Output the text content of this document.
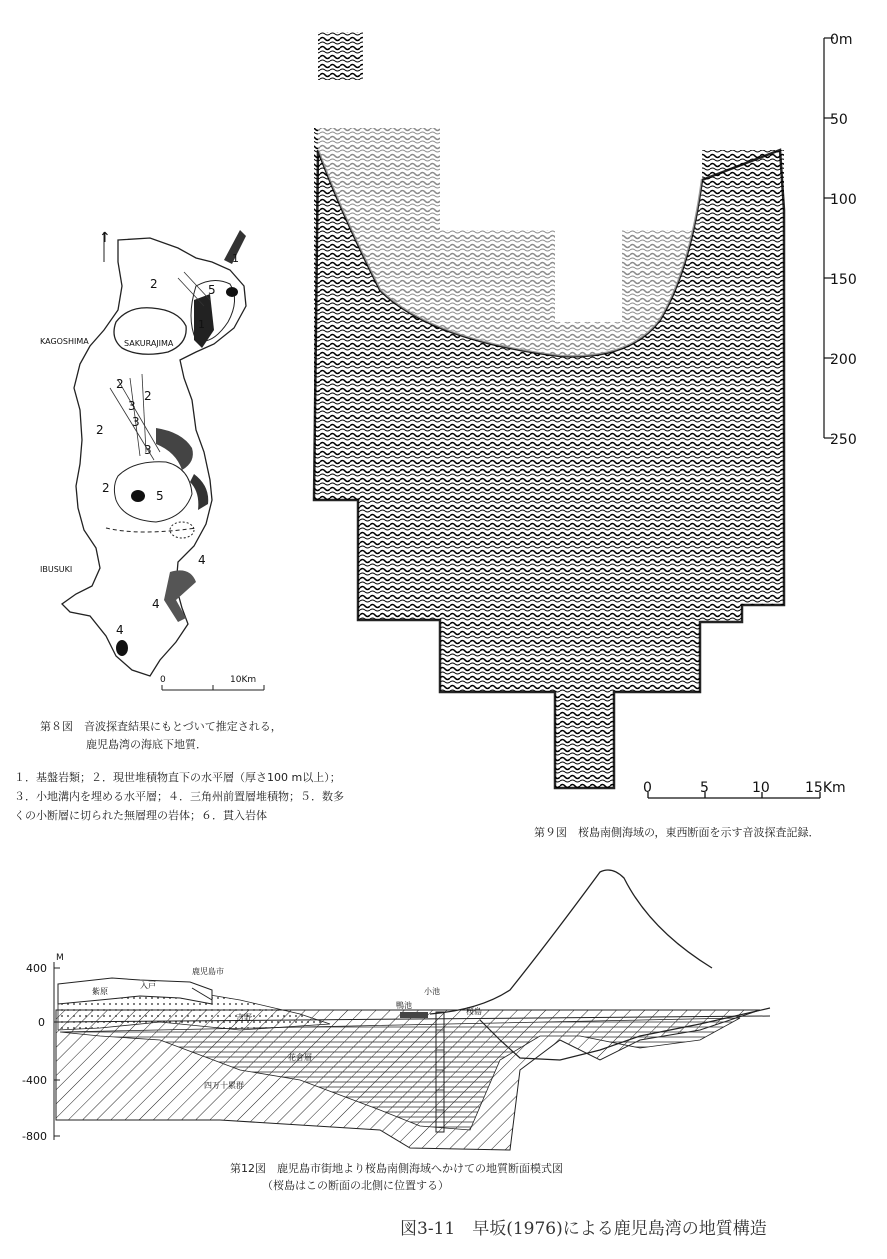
↑
KAGOSHIMA	SAKURAJIMA
IBUSUKI
2	5
1
1
2
2
2
3
3
3
2
6 5
4
4
4
0	10Km
0m
50
100
150
200
250
0	5	10	15Km
M
400
0
-400
-800
鹿児島市
入戸
紫原
吉野
花倉層
四万十累群
鴨池
小池
桜島
第８図　音波探査結果にもとづいて推定される，
鹿児島湾の海底下地質．
１．基盤岩類；２．現世堆積物直下の水平層（厚さ100 m以上）；３．小地溝内を埋める水平層；４．三角州前置層堆積物；５．数多くの小断層に切られた無層理の岩体；６．貫入岩体
第９図　桜島南側海域の，東西断面を示す音波探査記録．
第12図　鹿児島市街地より桜島南側海域へかけての地質断面模式図
（桜島はこの断面の北側に位置する）
図3-11　早坂(1976)による鹿児島湾の地質構造
